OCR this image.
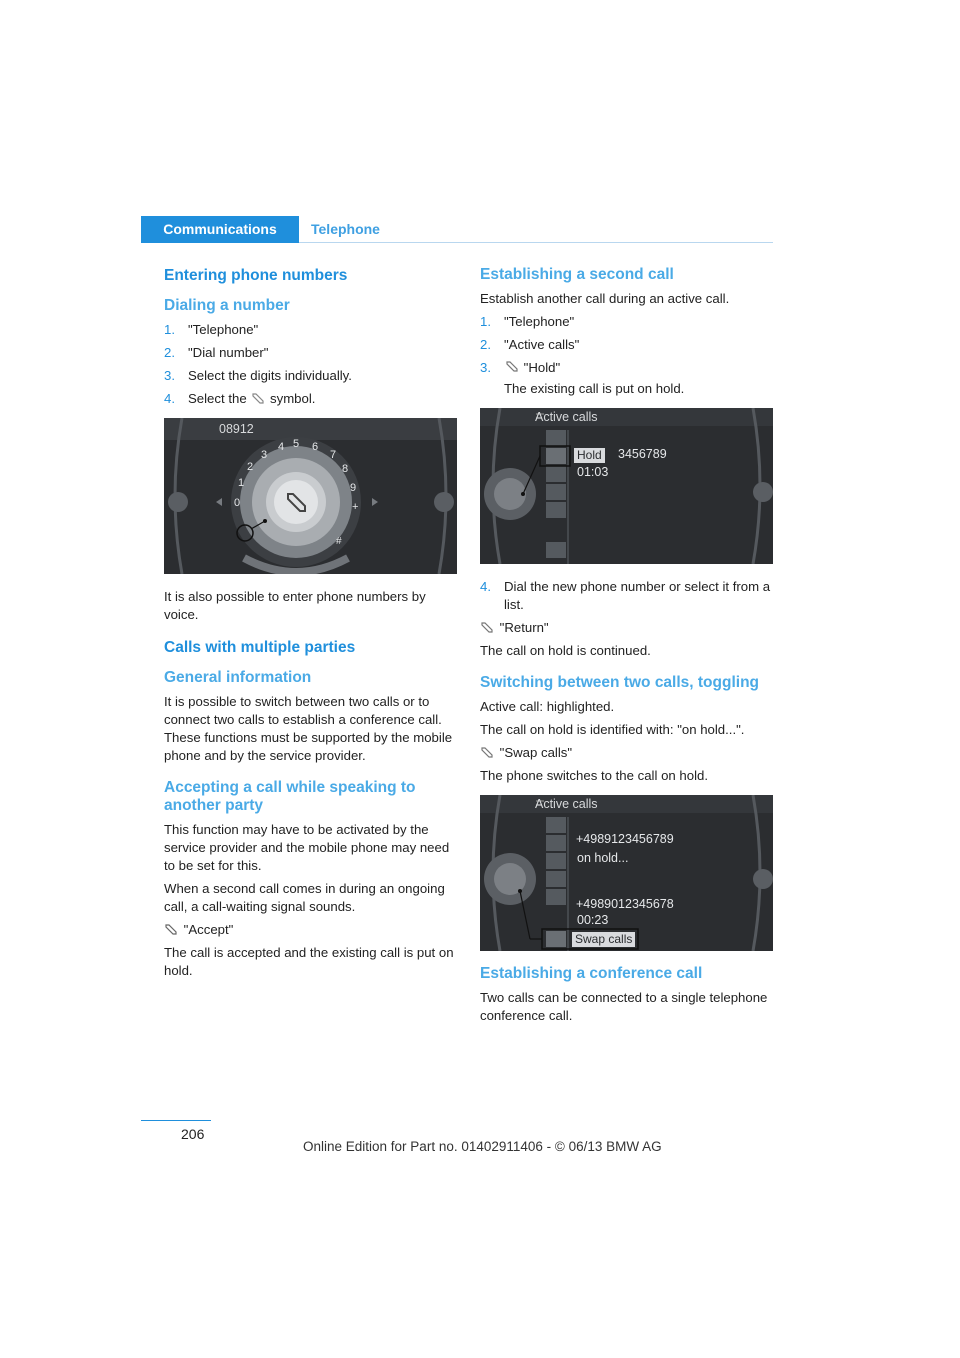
Communications	Telephone
Entering phone numbers
Dialing a number
1. "Telephone"
2. "Dial number"
3. Select the digits individually.
4. Select the symbol.
08912
3
4 5 6
7
2	8
1	9
0	+
#

It is also possible to enter phone numbers by voice.

Calls with multiple parties
General information

It is possible to switch between two calls or to connect two calls to establish a conference call. These functions must be supported by the mobile phone and by the service provider.

Accepting a call while speaking to another party

This function may have to be activated by the service provider and the mobile phone may need to be set for this.

When a second call comes in during an ongoing call, a call-waiting signal sounds.

"Accept"

The call is accepted and the existing call is put on hold.

Establishing a second call

Establish another call during an active call.

1. "Telephone"
2. "Active calls"
3.	"Hold"

The existing call is put on hold.

Active calls
Hold 3456789
01:03
4. Dial the new phone number or select it from a list.

"Return"

The call on hold is continued.

Switching between two calls, toggling

Active call: highlighted.

The call on hold is identified with: "on hold...".

"Swap calls"

The phone switches to the call on hold.

Active calls
+4989123456789
on hold...
+4989012345678
00:23
Swap calls
Establishing a conference call

Two calls can be connected to a single telephone conference call.

206
Online Edition for Part no. 01402911406 - © 06/13 BMW AG
